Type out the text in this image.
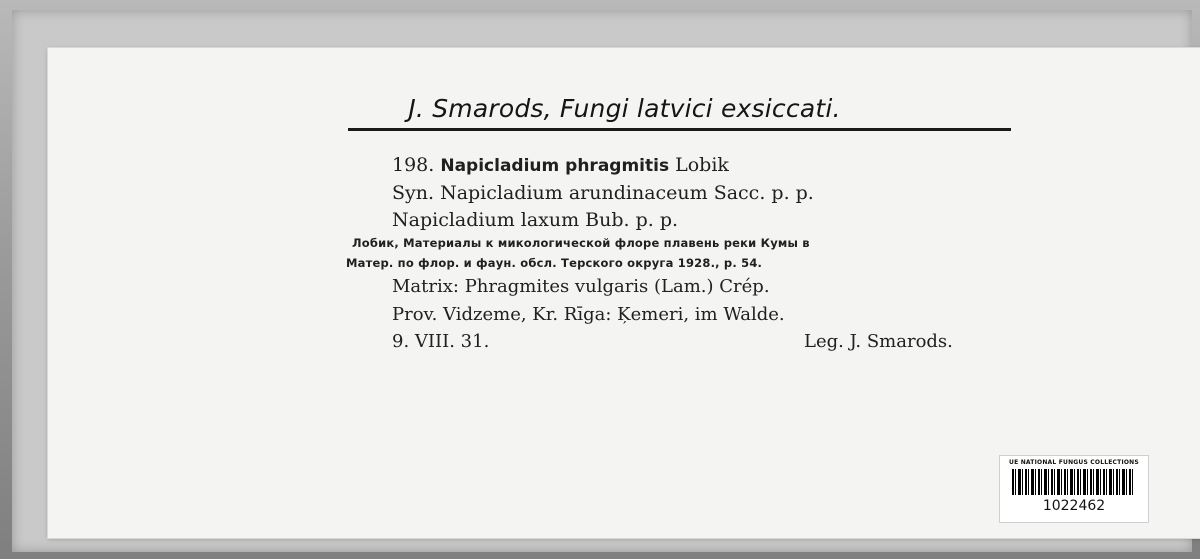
J. Smarods, Fungi latvici exsiccati.
198. Napicladium phragmitis Lobik
Syn. Napicladium arundinaceum Sacc. p. p.
Napicladium laxum Bub. p. p.
Лобик, Материалы к микологической флоре плавень реки Кумы в
Матер. по флор. и фаун. обсл. Терского округа 1928., p. 54.
Matrix: Phragmites vulgaris (Lam.) Crép.
Prov. Vidzeme, Kr. Rīga: Ķemeri, im Walde.
9. VIII. 31.	Leg. J. Smarods.
UE NATIONAL FUNGUS COLLECTIONS
1022462
